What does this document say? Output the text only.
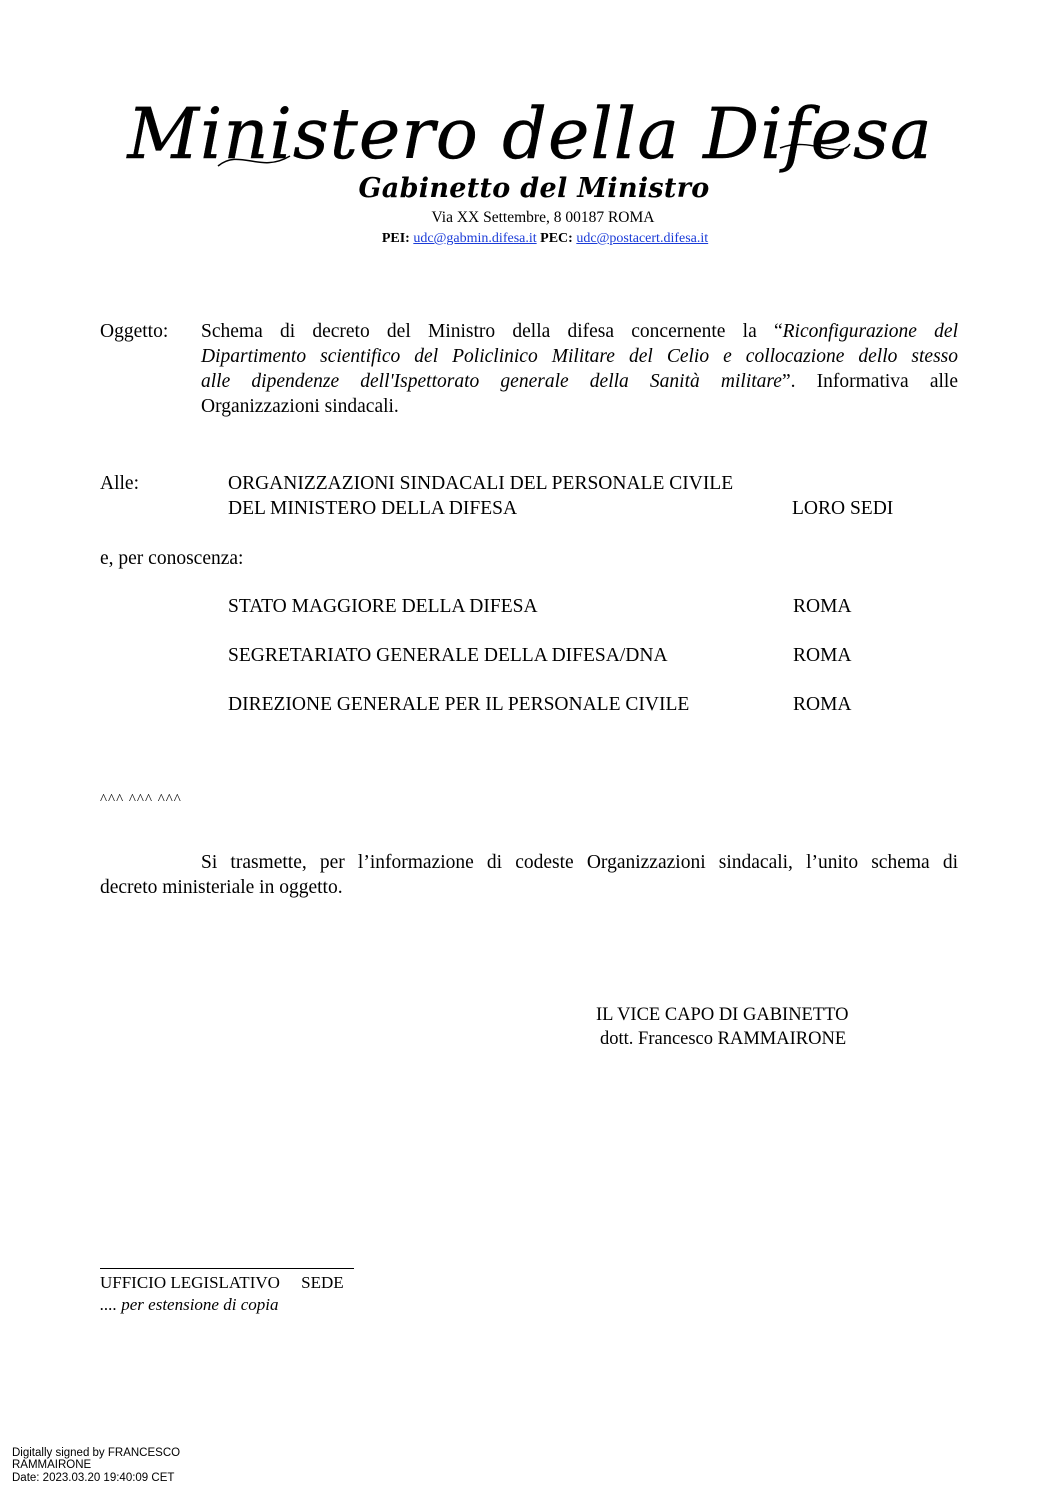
Ministero della Difesa
Gabinetto del Ministro
Via XX Settembre, 8 00187 ROMA
PEI: udc@gabmin.difesa.it PEC: udc@postacert.difesa.it
Oggetto: Schema di decreto del Ministro della difesa concernente la “Riconfigurazione del
Dipartimento scientifico del Policlinico Militare del Celio e collocazione dello stesso
alle dipendenze dell'Ispettorato generale della Sanità militare”. Informativa alle
Organizzazioni sindacali.
Alle:	ORGANIZZAZIONI SINDACALI DEL PERSONALE CIVILE
DEL MINISTERO DELLA DIFESA	LORO SEDI
e, per conoscenza:
STATO MAGGIORE DELLA DIFESA	ROMA
SEGRETARIATO GENERALE DELLA DIFESA/DNA	ROMA
DIREZIONE GENERALE PER IL PERSONALE CIVILE	ROMA
^^^ ^^^ ^^^
Si trasmette, per l’informazione di codeste Organizzazioni sindacali, l’unito schema di
decreto ministeriale in oggetto.
IL VICE CAPO DI GABINETTO
dott. Francesco RAMMAIRONE
UFFICIO LEGISLATIVO     SEDE
.... per estensione di copia
Digitally signed by FRANCESCO
RAMMAIRONE
Date: 2023.03.20 19:40:09 CET
